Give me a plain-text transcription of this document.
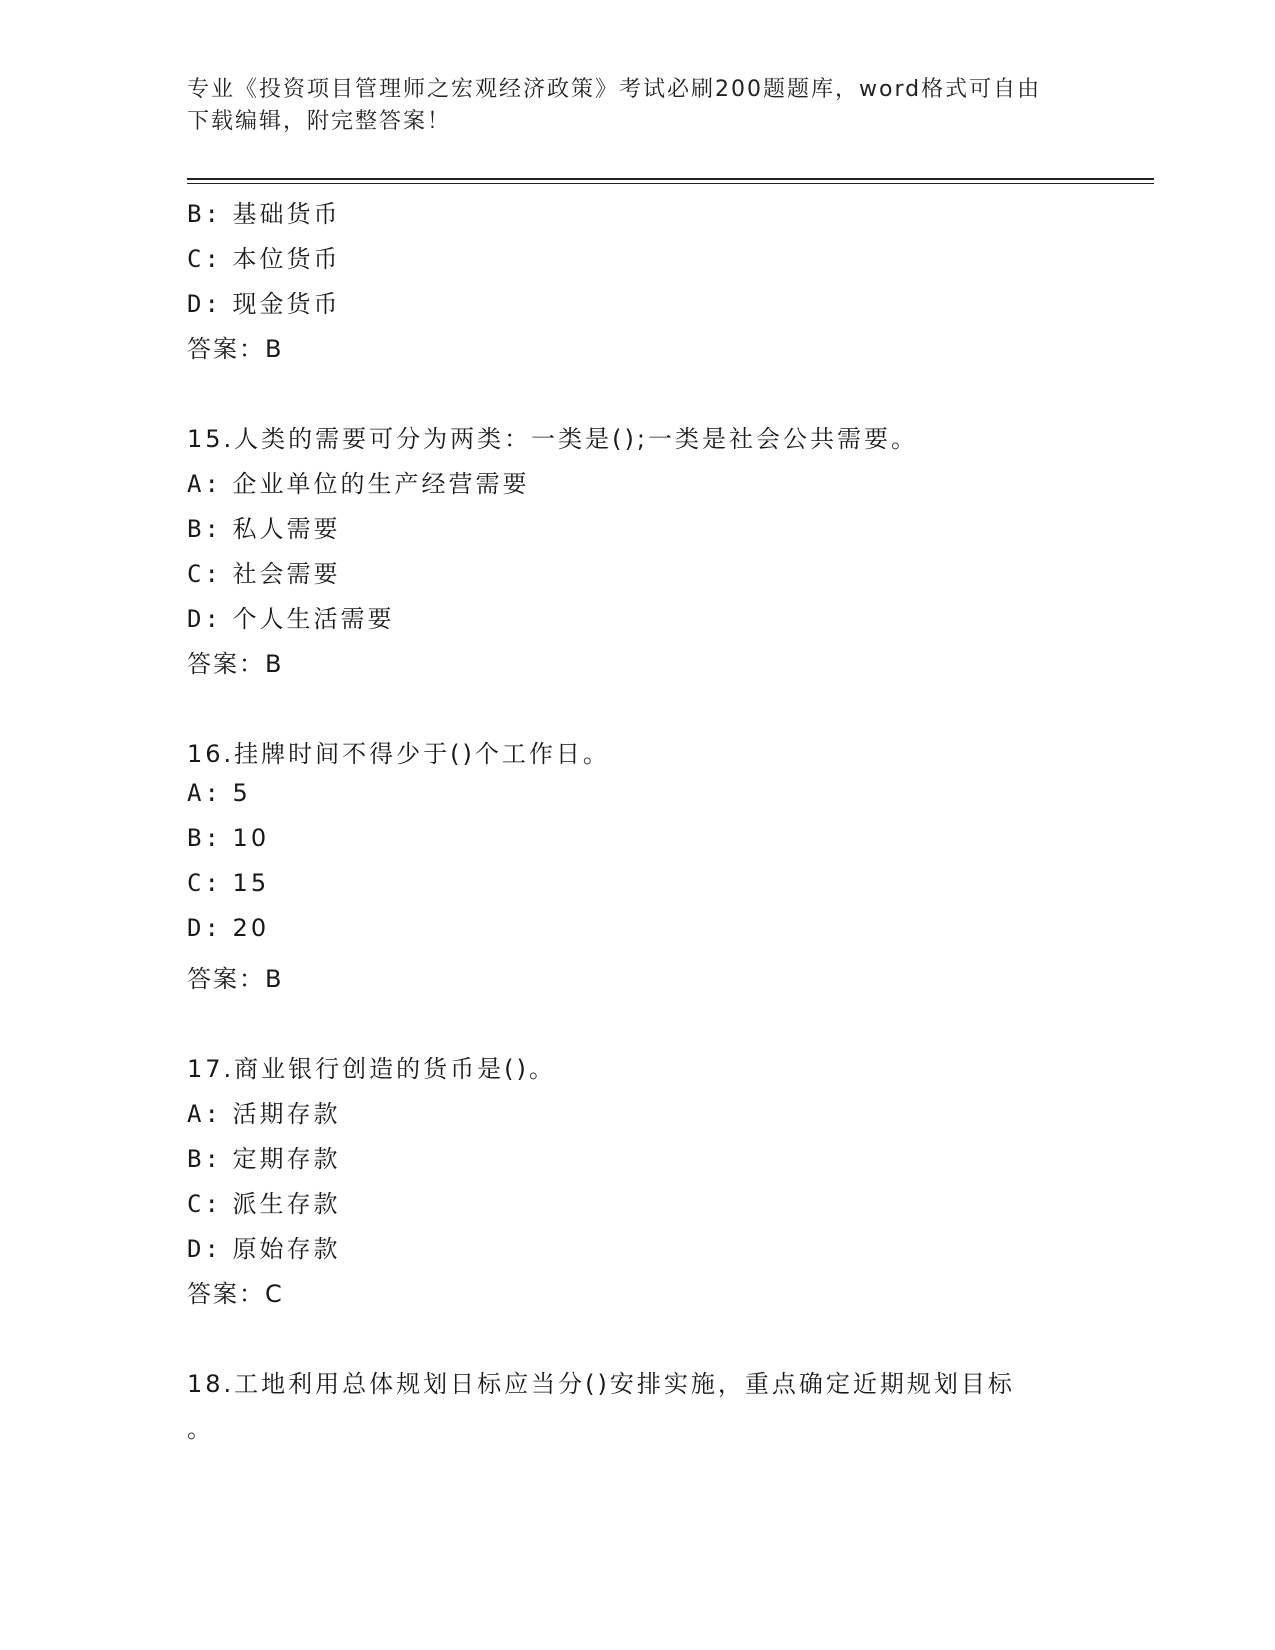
专业《投资项目管理师之宏观经济政策》考试必刷200题题库，word格式可自由
下载编辑，附完整答案！
B: 基础货币
C: 本位货币
D: 现金货币
答案：B
15.人类的需要可分为两类：一类是();一类是社会公共需要。
A: 企业单位的生产经营需要
B: 私人需要
C: 社会需要
D: 个人生活需要
答案：B
16.挂牌时间不得少于()个工作日。
A: 5
B: 10
C: 15
D: 20
答案：B
17.商业银行创造的货币是()。
A: 活期存款
B: 定期存款
C: 派生存款
D: 原始存款
答案：C
18.工地利用总体规划日标应当分()安排实施，重点确定近期规划目标
。
